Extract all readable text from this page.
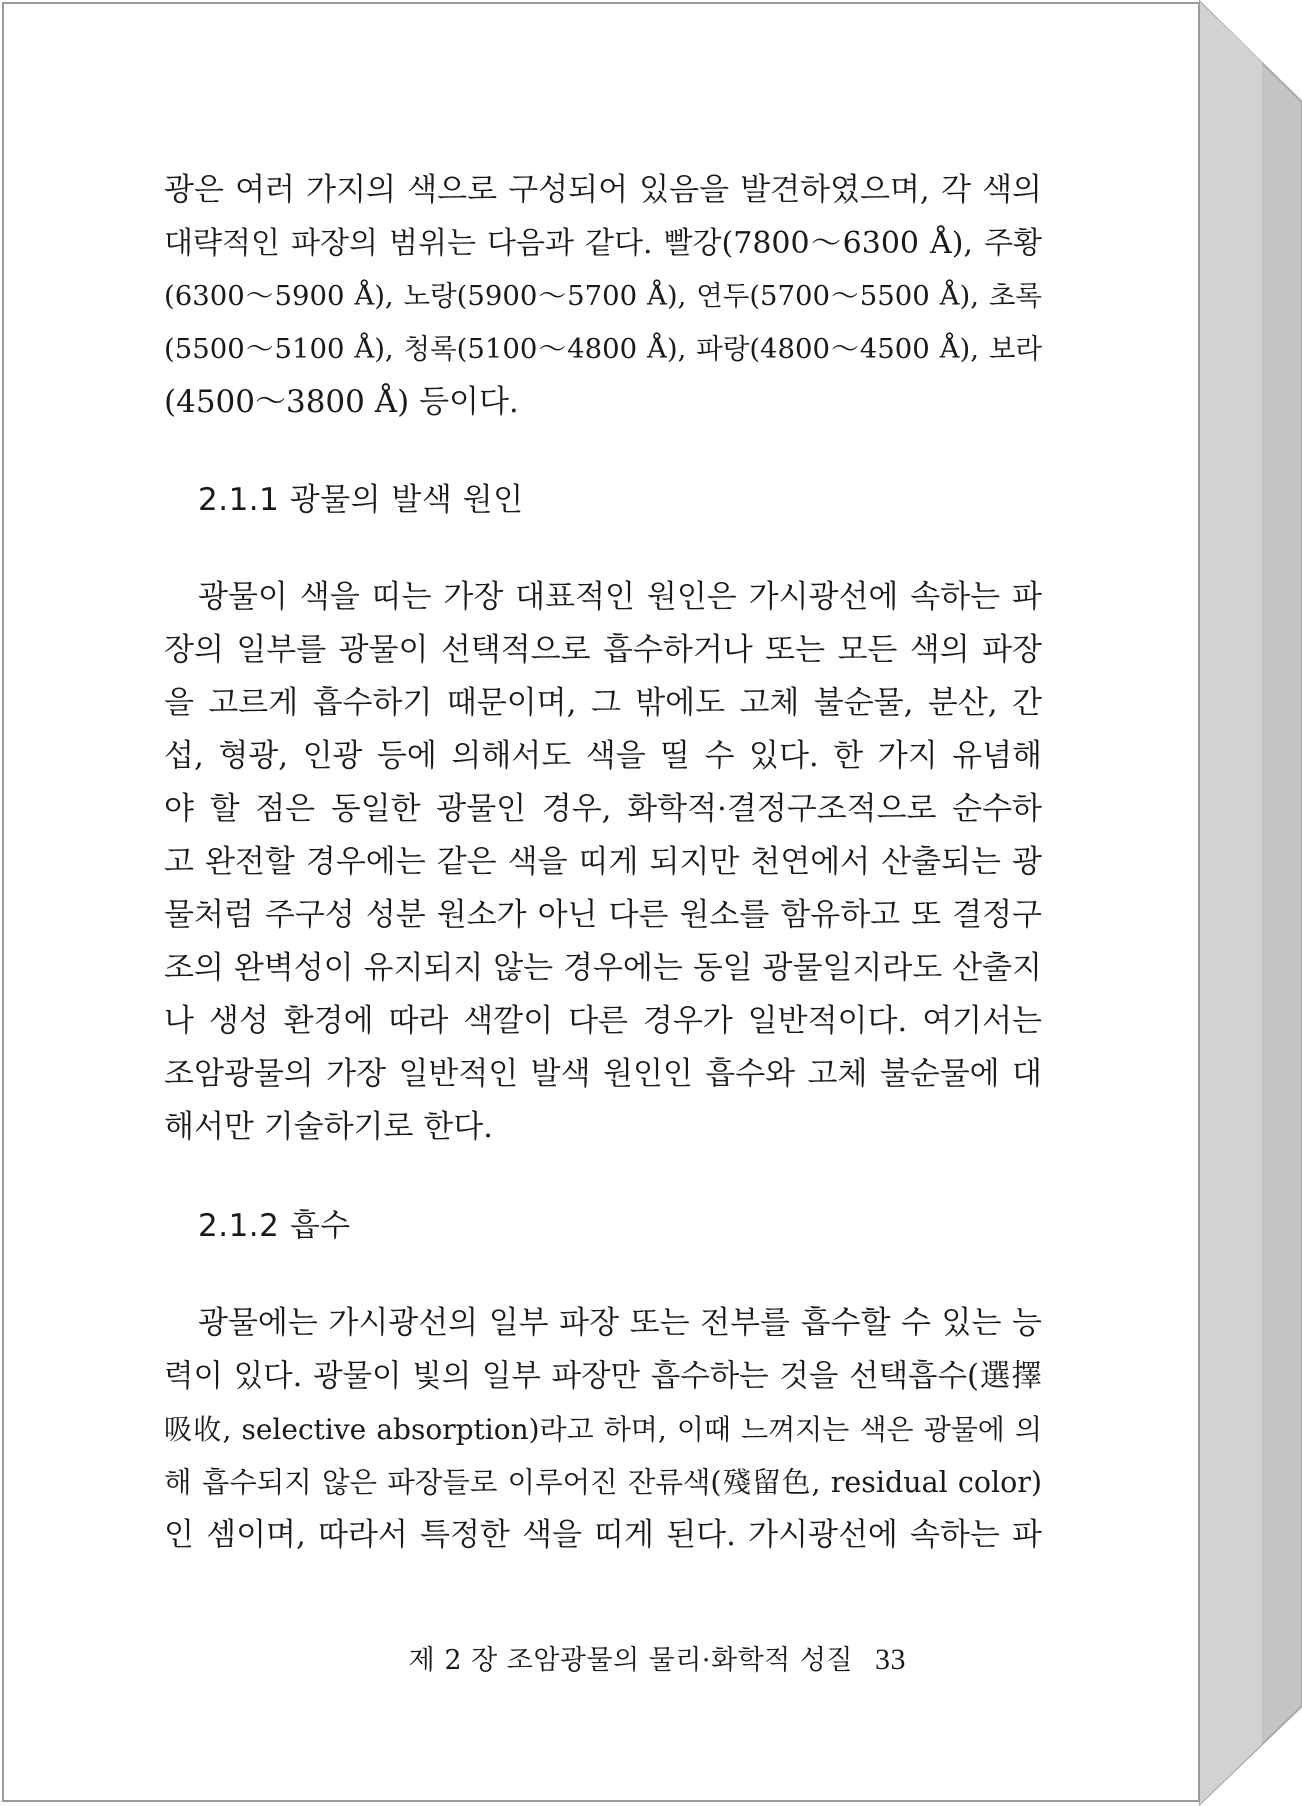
광은 여러 가지의 색으로 구성되어 있음을 발견하였으며, 각 색의
대략적인 파장의 범위는 다음과 같다. 빨강(7800～6300 Å), 주황
(6300～5900 Å), 노랑(5900～5700 Å), 연두(5700～5500 Å), 초록
(5500～5100 Å), 청록(5100～4800 Å), 파랑(4800～4500 Å), 보라
(4500～3800 Å) 등이다.

2.1.1 광물의 발색 원인

광물이 색을 띠는 가장 대표적인 원인은 가시광선에 속하는 파
장의 일부를 광물이 선택적으로 흡수하거나 또는 모든 색의 파장
을 고르게 흡수하기 때문이며, 그 밖에도 고체 불순물, 분산, 간
섭, 형광, 인광 등에 의해서도 색을 띨 수 있다. 한 가지 유념해
야 할 점은 동일한 광물인 경우, 화학적·결정구조적으로 순수하
고 완전할 경우에는 같은 색을 띠게 되지만 천연에서 산출되는 광
물처럼 주구성 성분 원소가 아닌 다른 원소를 함유하고 또 결정구
조의 완벽성이 유지되지 않는 경우에는 동일 광물일지라도 산출지
나 생성 환경에 따라 색깔이 다른 경우가 일반적이다. 여기서는
조암광물의 가장 일반적인 발색 원인인 흡수와 고체 불순물에 대
해서만 기술하기로 한다.

2.1.2 흡수

광물에는 가시광선의 일부 파장 또는 전부를 흡수할 수 있는 능
력이 있다. 광물이 빛의 일부 파장만 흡수하는 것을 선택흡수(選擇
吸收, selective absorption)라고 하며, 이때 느껴지는 색은 광물에 의
해 흡수되지 않은 파장들로 이루어진 잔류색(殘留色, residual color)
인 셈이며, 따라서 특정한 색을 띠게 된다. 가시광선에 속하는 파

제 2 장 조암광물의 물리·화학적 성질 33
